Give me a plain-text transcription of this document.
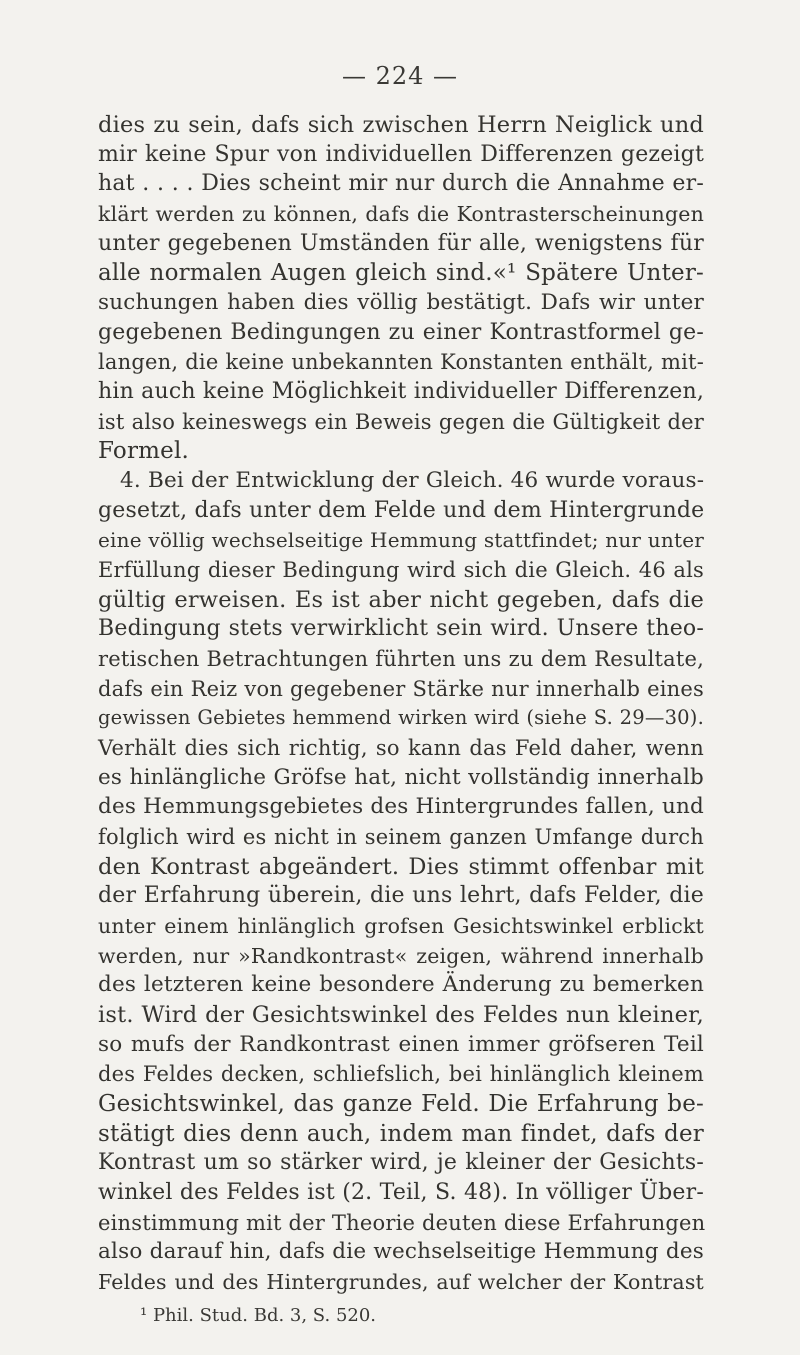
— 224 —
dies zu sein, dafs sich zwischen Herrn Neiglick und
mir keine Spur von individuellen Differenzen gezeigt
hat . . . . Dies scheint mir nur durch die Annahme er-
klärt werden zu können, dafs die Kontrasterscheinungen
unter gegebenen Umständen für alle, wenigstens für
alle normalen Augen gleich sind.«¹ Spätere Unter-
suchungen haben dies völlig bestätigt. Dafs wir unter
gegebenen Bedingungen zu einer Kontrastformel ge-
langen, die keine unbekannten Konstanten enthält, mit-
hin auch keine Möglichkeit individueller Differenzen,
ist also keineswegs ein Beweis gegen die Gültigkeit der
Formel.
4. Bei der Entwicklung der Gleich. 46 wurde voraus-
gesetzt, dafs unter dem Felde und dem Hintergrunde
eine völlig wechselseitige Hemmung stattfindet; nur unter
Erfüllung dieser Bedingung wird sich die Gleich. 46 als
gültig erweisen. Es ist aber nicht gegeben, dafs die
Bedingung stets verwirklicht sein wird. Unsere theo-
retischen Betrachtungen führten uns zu dem Resultate,
dafs ein Reiz von gegebener Stärke nur innerhalb eines
gewissen Gebietes hemmend wirken wird (siehe S. 29—30).
Verhält dies sich richtig, so kann das Feld daher, wenn
es hinlängliche Gröfse hat, nicht vollständig innerhalb
des Hemmungsgebietes des Hintergrundes fallen, und
folglich wird es nicht in seinem ganzen Umfange durch
den Kontrast abgeändert. Dies stimmt offenbar mit
der Erfahrung überein, die uns lehrt, dafs Felder, die
unter einem hinlänglich grofsen Gesichtswinkel erblickt
werden, nur »Randkontrast« zeigen, während innerhalb
des letzteren keine besondere Änderung zu bemerken
ist. Wird der Gesichtswinkel des Feldes nun kleiner,
so mufs der Randkontrast einen immer gröfseren Teil
des Feldes decken, schliefslich, bei hinlänglich kleinem
Gesichtswinkel, das ganze Feld. Die Erfahrung be-
stätigt dies denn auch, indem man findet, dafs der
Kontrast um so stärker wird, je kleiner der Gesichts-
winkel des Feldes ist (2. Teil, S. 48). In völliger Über-
einstimmung mit der Theorie deuten diese Erfahrungen
also darauf hin, dafs die wechselseitige Hemmung des
Feldes und des Hintergrundes, auf welcher der Kontrast
¹ Phil. Stud. Bd. 3, S. 520.
